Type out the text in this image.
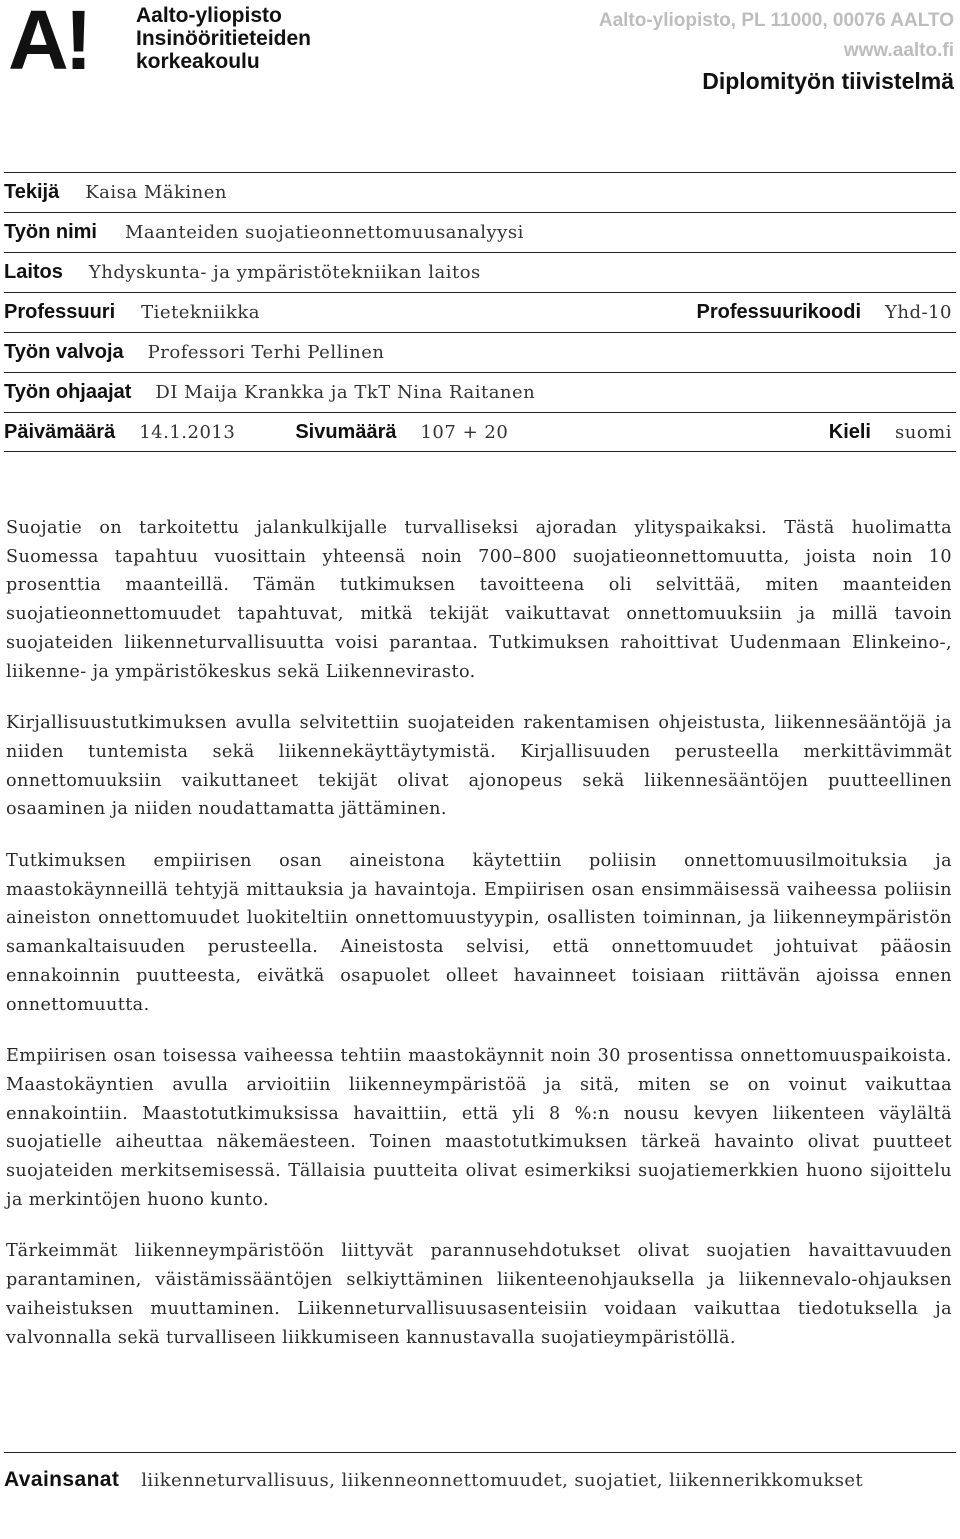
A!	Aalto-yliopisto
Insinööritieteiden
korkeakoulu
Aalto-yliopisto, PL 11000, 00076 AALTO
www.aalto.fi
Diplomityön tiivistelmä
Tekijä Kaisa Mäkinen
Työn nimi Maanteiden suojatieonnettomuusanalyysi
Laitos Yhdyskunta- ja ympäristötekniikan laitos
Professuuri Tietekniikka	Professuurikoodi Yhd-10
Työn valvoja Professori Terhi Pellinen
Työn ohjaajat DI Maija Krankka ja TkT Nina Raitanen
Päivämäärä 14.1.2013	Sivumäärä 107 + 20	Kieli suomi

Suojatie on tarkoitettu jalankulkijalle turvalliseksi ajoradan ylityspaikaksi. Tästä huolimatta Suomessa tapahtuu vuosittain yhteensä noin 700–800 suojatieonnettomuutta, joista noin 10 prosenttia maanteillä. Tämän tutkimuksen tavoitteena oli selvittää, miten maanteiden suojatieonnettomuudet tapahtuvat, mitkä tekijät vaikuttavat onnettomuuksiin ja millä tavoin suojateiden liikenneturvallisuutta voisi parantaa. Tutkimuksen rahoittivat Uudenmaan Elinkeino-, liikenne- ja ympäristökeskus sekä Liikennevirasto.

Kirjallisuustutkimuksen avulla selvitettiin suojateiden rakentamisen ohjeistusta, liikennesääntöjä ja niiden tuntemista sekä liikennekäyttäytymistä. Kirjallisuuden perusteella merkittävimmät onnettomuuksiin vaikuttaneet tekijät olivat ajonopeus sekä liikennesääntöjen puutteellinen osaaminen ja niiden noudattamatta jättäminen.

Tutkimuksen empiirisen osan aineistona käytettiin poliisin onnettomuusilmoituksia ja maastokäynneillä tehtyjä mittauksia ja havaintoja. Empiirisen osan ensimmäisessä vaiheessa poliisin aineiston onnettomuudet luokiteltiin onnettomuustyypin, osallisten toiminnan, ja liikenneympäristön samankaltaisuuden perusteella. Aineistosta selvisi, että onnettomuudet johtuivat pääosin ennakoinnin puutteesta, eivätkä osapuolet olleet havainneet toisiaan riittävän ajoissa ennen onnettomuutta.

Empiirisen osan toisessa vaiheessa tehtiin maastokäynnit noin 30 prosentissa onnettomuuspaikoista. Maastokäyntien avulla arvioitiin liikenneympäristöä ja sitä, miten se on voinut vaikuttaa ennakointiin. Maastotutkimuksissa havaittiin, että yli 8 %:n nousu kevyen liikenteen väylältä suojatielle aiheuttaa näkemäesteen. Toinen maastotutkimuksen tärkeä havainto olivat puutteet suojateiden merkitsemisessä. Tällaisia puutteita olivat esimerkiksi suojatiemerkkien huono sijoittelu ja merkintöjen huono kunto.

Tärkeimmät liikenneympäristöön liittyvät parannusehdotukset olivat suojatien havaittavuuden parantaminen, väistämissääntöjen selkiyttäminen liikenteenohjauksella ja liikennevalo-ohjauksen vaiheistuksen muuttaminen. Liikenneturvallisuusasenteisiin voidaan vaikuttaa tiedotuksella ja valvonnalla sekä turvalliseen liikkumiseen kannustavalla suojatieympäristöllä.

Avainsanat liikenneturvallisuus, liikenneonnettomuudet, suojatiet, liikennerikkomukset
